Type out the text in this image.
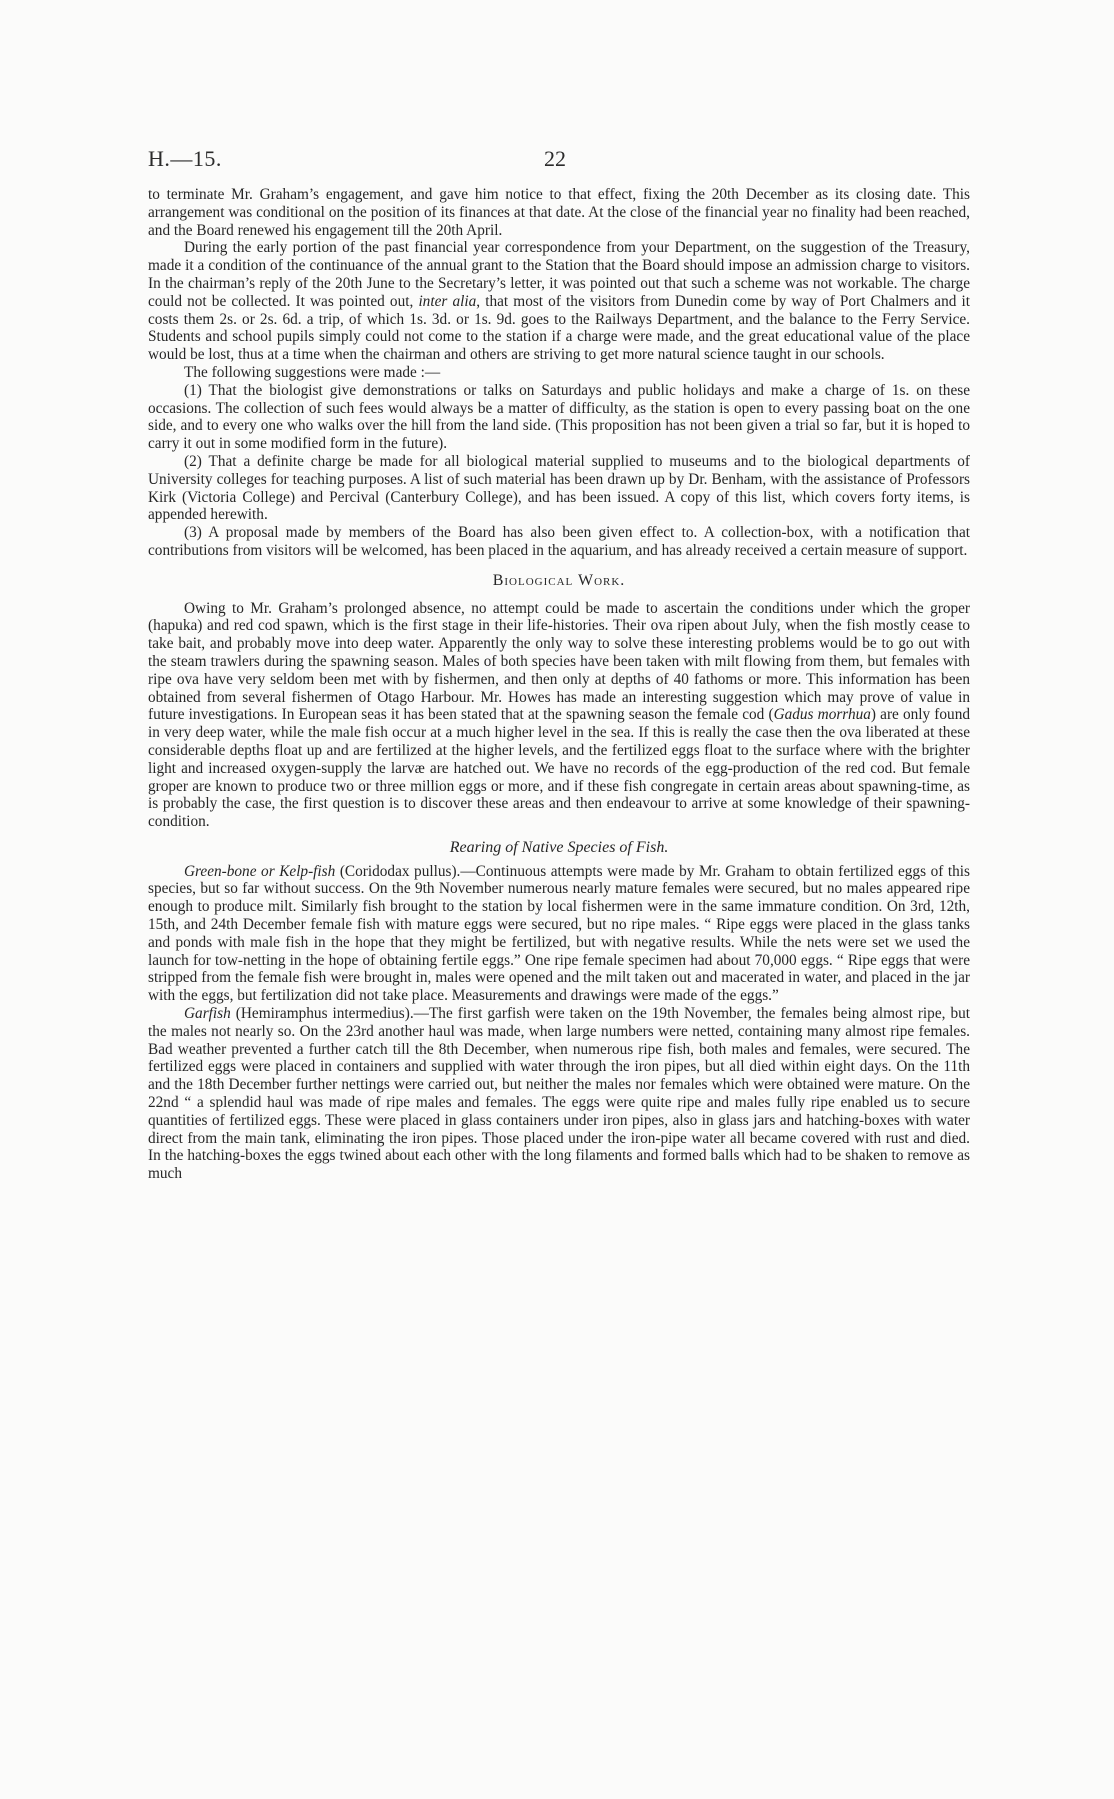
H.—15.	22

to terminate Mr. Graham’s engagement, and gave him notice to that effect, fixing the 20th December as its closing date. This arrangement was conditional on the position of its finances at that date. At the close of the financial year no finality had been reached, and the Board renewed his engagement till the 20th April.

During the early portion of the past financial year correspondence from your Department, on the suggestion of the Treasury, made it a condition of the continuance of the annual grant to the Station that the Board should impose an admission charge to visitors. In the chairman’s reply of the 20th June to the Secretary’s letter, it was pointed out that such a scheme was not workable. The charge could not be collected. It was pointed out, inter alia, that most of the visitors from Dunedin come by way of Port Chalmers and it costs them 2s. or 2s. 6d. a trip, of which 1s. 3d. or 1s. 9d. goes to the Railways Department, and the balance to the Ferry Service. Students and school pupils simply could not come to the station if a charge were made, and the great educational value of the place would be lost, thus at a time when the chairman and others are striving to get more natural science taught in our schools.

The following suggestions were made :—

(1) That the biologist give demonstrations or talks on Saturdays and public holidays and make a charge of 1s. on these occasions. The collection of such fees would always be a matter of difficulty, as the station is open to every passing boat on the one side, and to every one who walks over the hill from the land side. (This proposition has not been given a trial so far, but it is hoped to carry it out in some modified form in the future).

(2) That a definite charge be made for all biological material supplied to museums and to the biological departments of University colleges for teaching purposes. A list of such material has been drawn up by Dr. Benham, with the assistance of Professors Kirk (Victoria College) and Percival (Canterbury College), and has been issued. A copy of this list, which covers forty items, is appended herewith.

(3) A proposal made by members of the Board has also been given effect to. A collection-box, with a notification that contributions from visitors will be welcomed, has been placed in the aquarium, and has already received a certain measure of support.

Biological Work.

Owing to Mr. Graham’s prolonged absence, no attempt could be made to ascertain the conditions under which the groper (hapuka) and red cod spawn, which is the first stage in their life-histories. Their ova ripen about July, when the fish mostly cease to take bait, and probably move into deep water. Apparently the only way to solve these interesting problems would be to go out with the steam trawlers during the spawning season. Males of both species have been taken with milt flowing from them, but females with ripe ova have very seldom been met with by fishermen, and then only at depths of 40 fathoms or more. This information has been obtained from several fishermen of Otago Harbour. Mr. Howes has made an interesting suggestion which may prove of value in future investigations. In European seas it has been stated that at the spawning season the female cod (Gadus morrhua) are only found in very deep water, while the male fish occur at a much higher level in the sea. If this is really the case then the ova liberated at these considerable depths float up and are fertilized at the higher levels, and the fertilized eggs float to the surface where with the brighter light and increased oxygen-supply the larvæ are hatched out. We have no records of the egg-production of the red cod. But female groper are known to produce two or three million eggs or more, and if these fish congregate in certain areas about spawning-time, as is probably the case, the first question is to discover these areas and then endeavour to arrive at some knowledge of their spawning-condition.

Rearing of Native Species of Fish.

Green-bone or Kelp-fish (Coridodax pullus).—Continuous attempts were made by Mr. Graham to obtain fertilized eggs of this species, but so far without success. On the 9th November numerous nearly mature females were secured, but no males appeared ripe enough to produce milt. Similarly fish brought to the station by local fishermen were in the same immature condition. On 3rd, 12th, 15th, and 24th December female fish with mature eggs were secured, but no ripe males. “ Ripe eggs were placed in the glass tanks and ponds with male fish in the hope that they might be fertilized, but with negative results. While the nets were set we used the launch for tow-netting in the hope of obtaining fertile eggs.” One ripe female specimen had about 70,000 eggs. “ Ripe eggs that were stripped from the female fish were brought in, males were opened and the milt taken out and macerated in water, and placed in the jar with the eggs, but fertilization did not take place. Measurements and drawings were made of the eggs.”

Garfish (Hemiramphus intermedius).—The first garfish were taken on the 19th November, the females being almost ripe, but the males not nearly so. On the 23rd another haul was made, when large numbers were netted, containing many almost ripe females. Bad weather prevented a further catch till the 8th December, when numerous ripe fish, both males and females, were secured. The fertilized eggs were placed in containers and supplied with water through the iron pipes, but all died within eight days. On the 11th and the 18th December further nettings were carried out, but neither the males nor females which were obtained were mature. On the 22nd “ a splendid haul was made of ripe males and females. The eggs were quite ripe and males fully ripe enabled us to secure quantities of fertilized eggs. These were placed in glass containers under iron pipes, also in glass jars and hatching-boxes with water direct from the main tank, eliminating the iron pipes. Those placed under the iron-pipe water all became covered with rust and died. In the hatching-boxes the eggs twined about each other with the long filaments and formed balls which had to be shaken to remove as much
